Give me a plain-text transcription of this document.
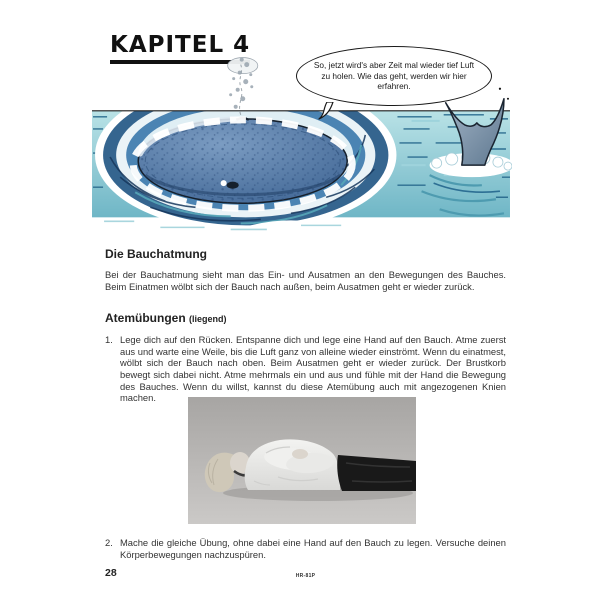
KAPITEL 4
So, jetzt wird's aber Zeit mal wieder tief Luft zu holen. Wie das geht, werden wir hier erfahren.
Die Bauchatmung
Bei der Bauchatmung sieht man das Ein- und Ausatmen an den Bewegungen des Bauches. Beim Einatmen wölbt sich der Bauch nach außen, beim Ausatmen geht er wieder zurück.
Atemübungen (liegend)
1. Lege dich auf den Rücken. Entspanne dich und lege eine Hand auf den Bauch. Atme zuerst aus und warte eine Weile, bis die Luft ganz von alleine wieder einströmt. Wenn du einatmest, wölbt sich der Bauch nach oben. Beim Ausatmen geht er wieder zurück. Der Brustkorb bewegt sich dabei nicht. Atme mehrmals ein und aus und fühle mit der Hand die Bewegung des Bauches. Wenn du willst, kannst du diese Atemübung auch mit angezogenen Knien machen.
2. Mache die gleiche Übung, ohne dabei eine Hand auf den Bauch zu legen. Versuche deinen Körperbewegungen nachzuspüren.
28	HR-81P
